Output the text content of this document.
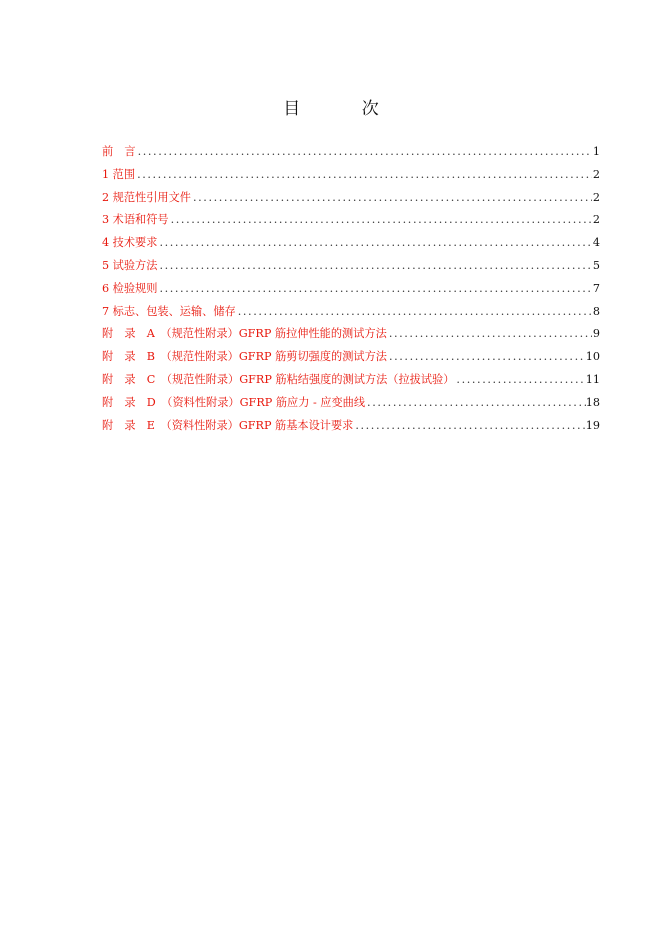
目 次
前　言 .....	1
1 范围 .....	2
2 规范性引用文件 .....	2
3 术语和符号 .....	2
4 技术要求 .....	4
5 试验方法 .....	5
6 检验规则 .....	7
7 标志、包装、运输、储存 .....	8
附　录　A　（规范性附录）GFRP 筋拉伸性能的测试方法 .....	9
附　录　B　（规范性附录）GFRP 筋剪切强度的测试方法 .....	10
附　录　C　（规范性附录）GFRP 筋粘结强度的测试方法（拉拔试验） .....	11
附　录　D　（资料性附录）GFRP 筋应力 - 应变曲线 .....	18
附　录　E　（资料性附录）GFRP 筋基本设计要求 .....	19
